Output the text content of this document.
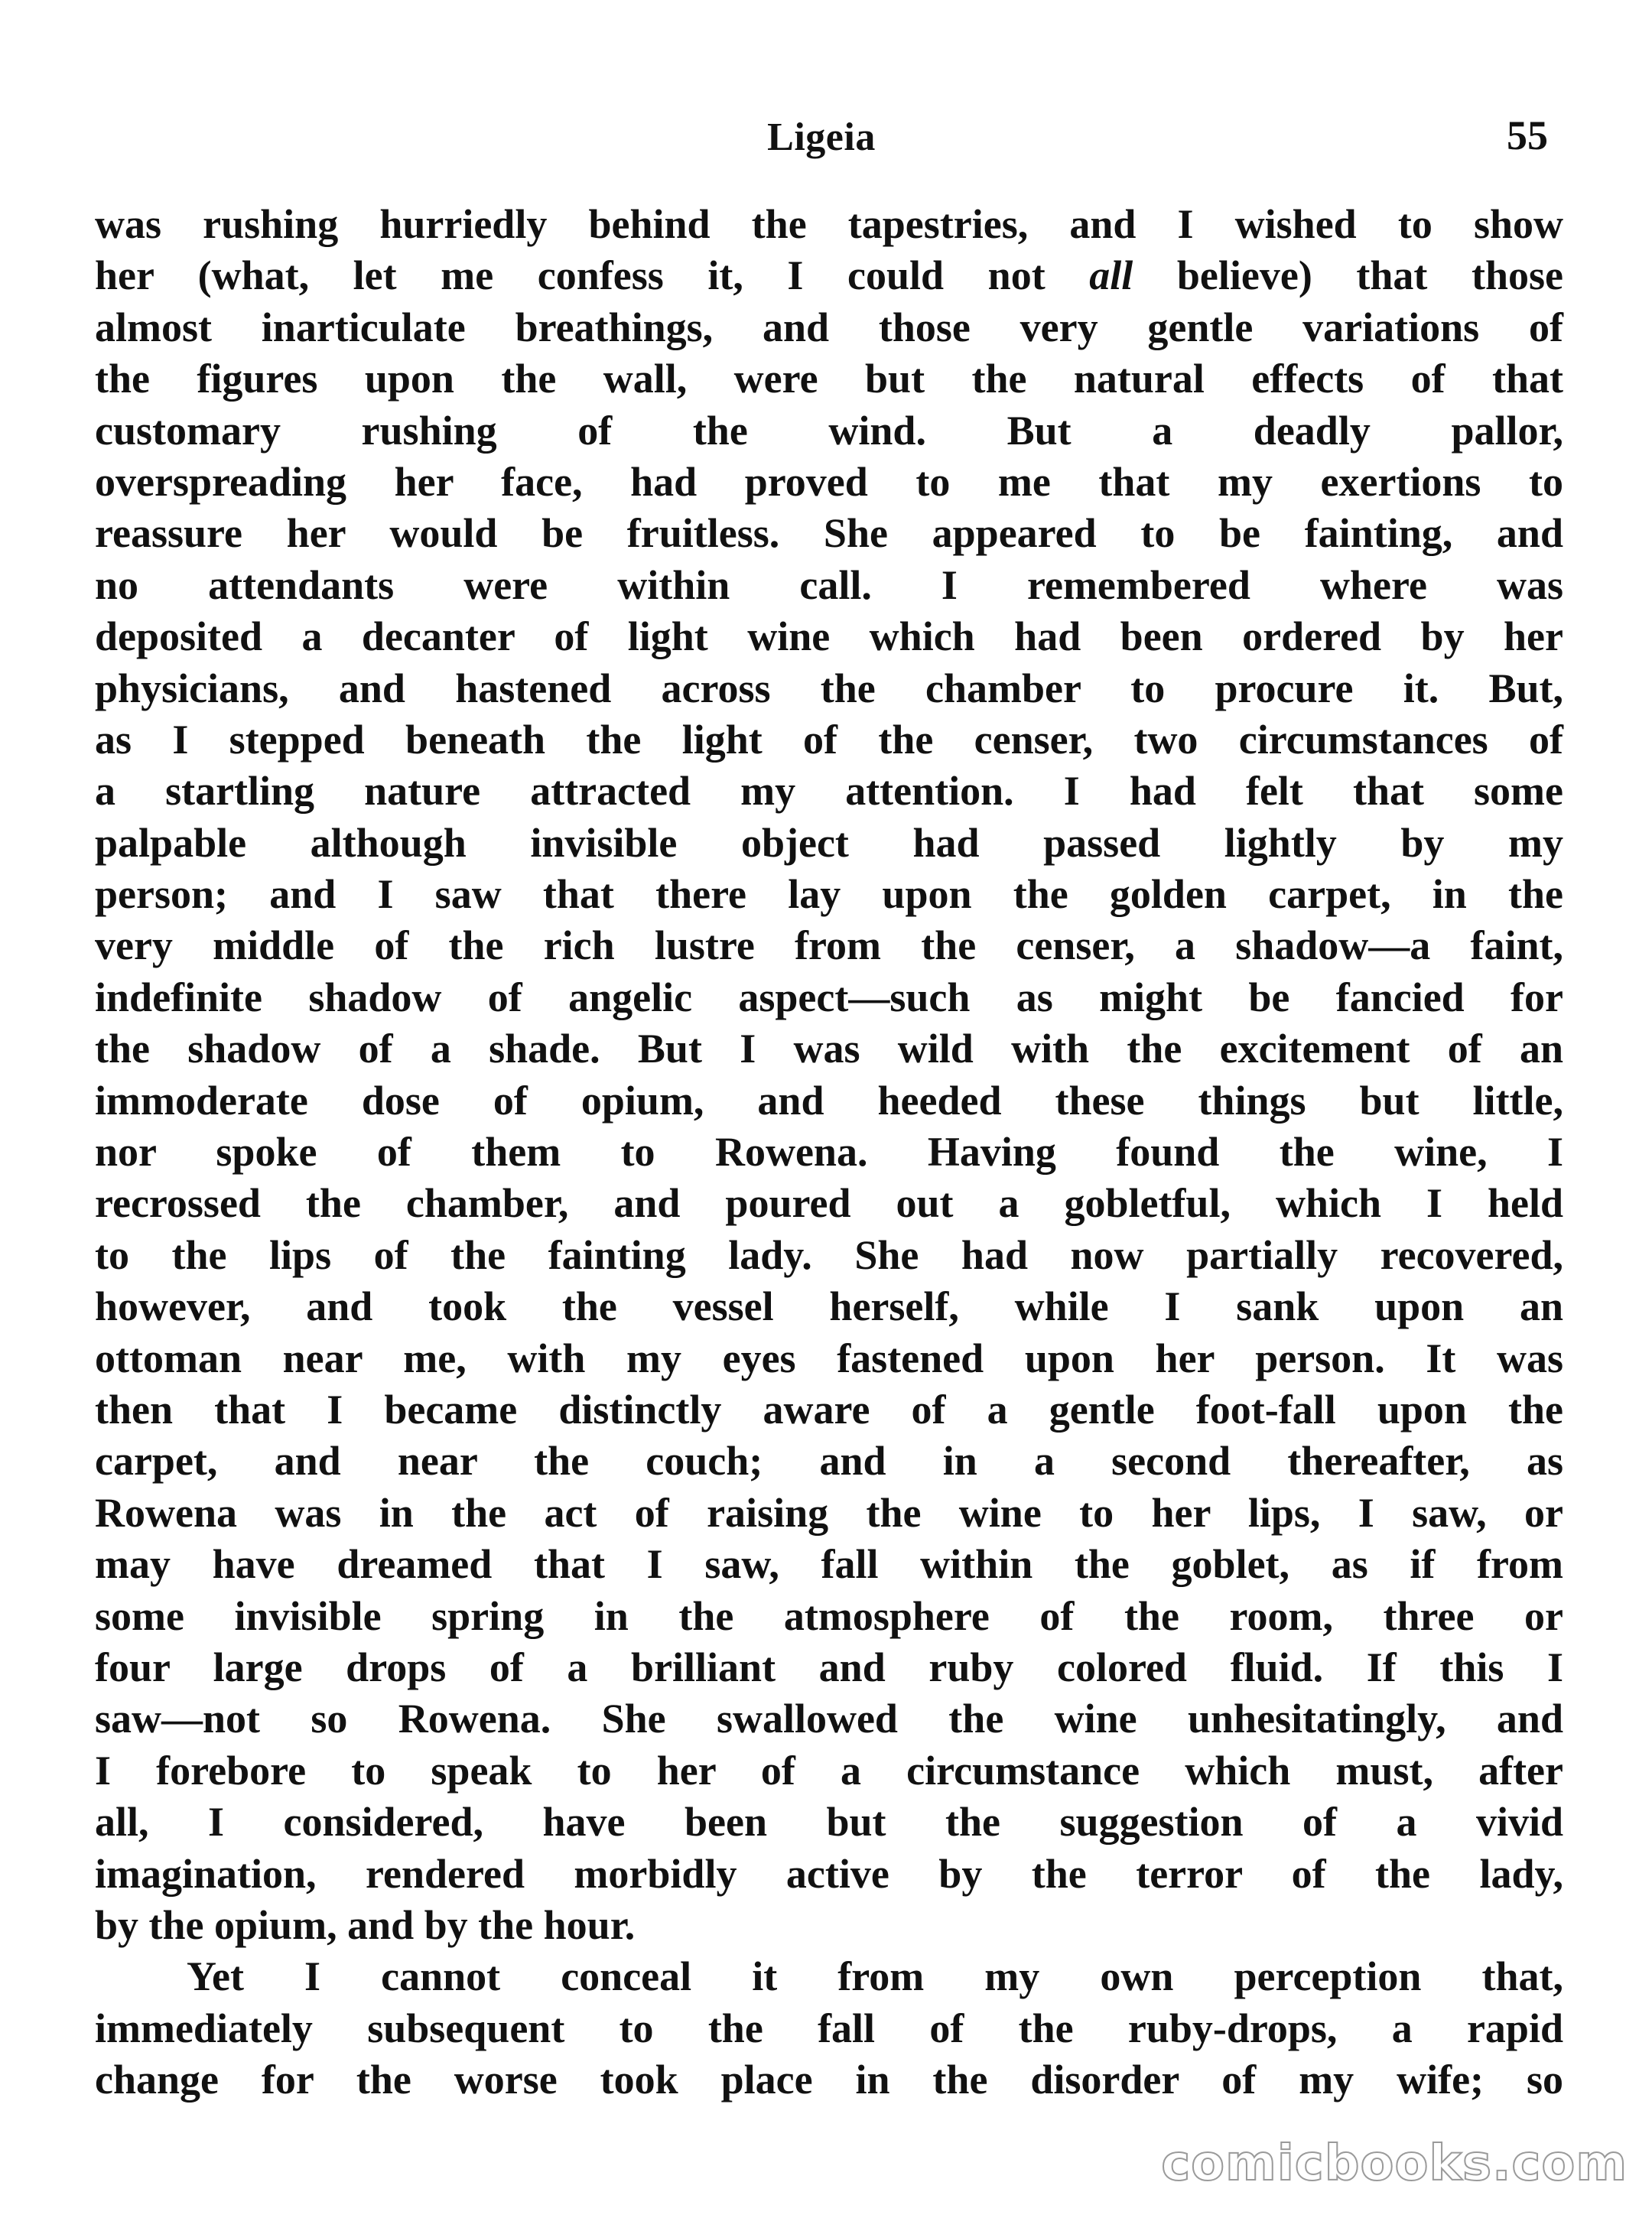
Ligeia	55
was rushing hurriedly behind the tapestries, and I wished to show
her (what, let me confess it, I could not all believe) that those
almost inarticulate breathings, and those very gentle variations of
the figures upon the wall, were but the natural effects of that
customary rushing of the wind. But a deadly pallor,
overspreading her face, had proved to me that my exertions to
reassure her would be fruitless. She appeared to be fainting, and
no attendants were within call. I remembered where was
deposited a decanter of light wine which had been ordered by her
physicians, and hastened across the chamber to procure it. But,
as I stepped beneath the light of the censer, two circumstances of
a startling nature attracted my attention. I had felt that some
palpable although invisible object had passed lightly by my
person; and I saw that there lay upon the golden carpet, in the
very middle of the rich lustre from the censer, a shadow—a faint,
indefinite shadow of angelic aspect—such as might be fancied for
the shadow of a shade. But I was wild with the excitement of an
immoderate dose of opium, and heeded these things but little,
nor spoke of them to Rowena. Having found the wine, I
recrossed the chamber, and poured out a gobletful, which I held
to the lips of the fainting lady. She had now partially recovered,
however, and took the vessel herself, while I sank upon an
ottoman near me, with my eyes fastened upon her person. It was
then that I became distinctly aware of a gentle foot-fall upon the
carpet, and near the couch; and in a second thereafter, as
Rowena was in the act of raising the wine to her lips, I saw, or
may have dreamed that I saw, fall within the goblet, as if from
some invisible spring in the atmosphere of the room, three or
four large drops of a brilliant and ruby colored fluid. If this I
saw—not so Rowena. She swallowed the wine unhesitatingly, and
I forebore to speak to her of a circumstance which must, after
all, I considered, have been but the suggestion of a vivid
imagination, rendered morbidly active by the terror of the lady,
by the opium, and by the hour.
Yet I cannot conceal it from my own perception that,
immediately subsequent to the fall of the ruby-drops, a rapid
change for the worse took place in the disorder of my wife; so
comicbooks.com
